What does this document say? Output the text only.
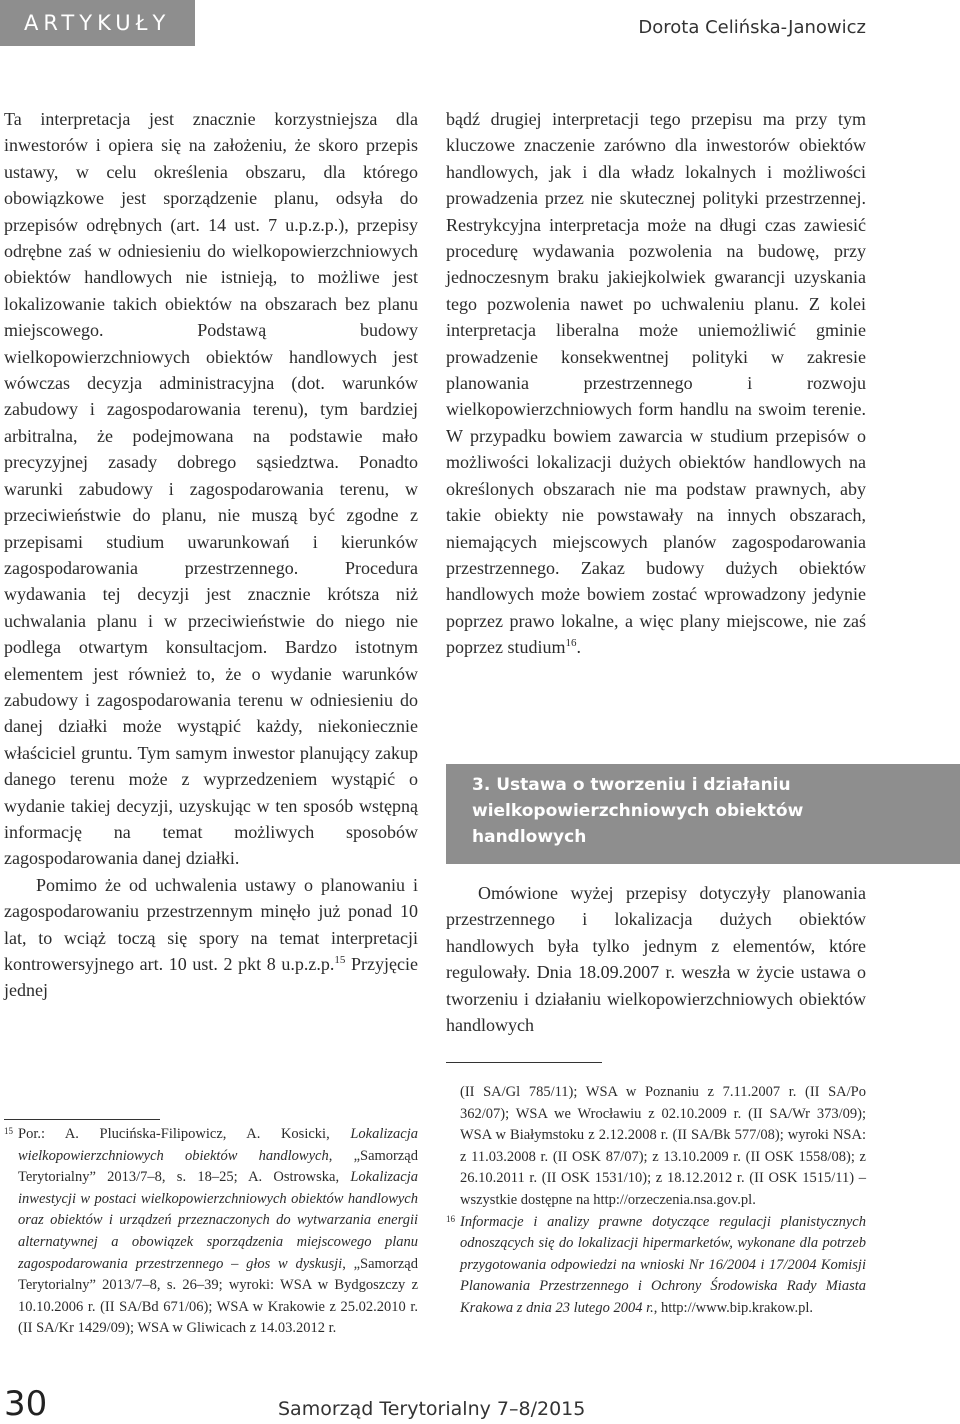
ARTYKUŁY	Dorota Celińska-Janowicz

Ta interpretacja jest znacznie korzystniejsza dla inwestorów i opiera się na założeniu, że skoro przepis ustawy, w celu określenia obszaru, dla którego obowiązkowe jest sporządzenie planu, odsyła do przepisów odrębnych (art. 14 ust. 7 u.p.z.p.), przepisy odrębne zaś w odniesieniu do wielkopowierzchniowych obiektów handlowych nie istnieją, to możliwe jest lokalizowanie takich obiektów na obszarach bez planu miejscowego. Podstawą budowy wielkopowierzchniowych obiektów handlowych jest wówczas decyzja administracyjna (dot. warunków zabudowy i zagospodarowania terenu), tym bardziej arbitralna, że podejmowana na podstawie mało precyzyjnej zasady dobrego sąsiedztwa. Ponadto warunki zabudowy i zagospodarowania terenu, w przeciwieństwie do planu, nie muszą być zgodne z przepisami studium uwarunkowań i kierunków zagospodarowania przestrzennego. Procedura wydawania tej decyzji jest znacznie krótsza niż uchwalania planu i w przeciwieństwie do niego nie podlega otwartym konsultacjom. Bardzo istotnym elementem jest również to, że o wydanie warunków zabudowy i zagospodarowania terenu w odniesieniu do danej działki może wystąpić każdy, niekoniecznie właściciel gruntu. Tym samym inwestor planujący zakup danego terenu może z wyprzedzeniem wystąpić o wydanie takiej decyzji, uzyskując w ten sposób wstępną informację na temat możliwych sposobów zagospodarowania danej działki.

Pomimo że od uchwalenia ustawy o planowaniu i zagospodarowaniu przestrzennym minęło już ponad 10 lat, to wciąż toczą się spory na temat interpretacji kontrowersyjnego art. 10 ust. 2 pkt 8 u.p.z.p.$^{15}$ Przyjęcie jednej

bądź drugiej interpretacji tego przepisu ma przy tym kluczowe znaczenie zarówno dla inwestorów obiektów handlowych, jak i dla władz lokalnych i możliwości prowadzenia przez nie skutecznej polityki przestrzennej. Restrykcyjna interpretacja może na długi czas zawiesić procedurę wydawania pozwolenia na budowę, przy jednoczesnym braku jakiejkolwiek gwarancji uzyskania tego pozwolenia nawet po uchwaleniu planu. Z kolei interpretacja liberalna może uniemożliwić gminie prowadzenie konsekwentnej polityki w zakresie planowania przestrzennego i rozwoju wielkopowierzchniowych form handlu na swoim terenie. W przypadku bowiem zawarcia w studium przepisów o możliwości lokalizacji dużych obiektów handlowych na określonych obszarach nie ma podstaw prawnych, aby takie obiekty nie powstawały na innych obszarach, niemających miejscowych planów zagospodarowania przestrzennego. Zakaz budowy dużych obiektów handlowych może bowiem zostać wprowadzony jedynie poprzez prawo lokalne, a więc plany miejscowe, nie zaś poprzez studium$^{16}$.

3. Ustawa o tworzeniu i działaniu
wielkopowierzchniowych obiektów
handlowych

Omówione wyżej przepisy dotyczyły planowania przestrzennego i lokalizacja dużych obiektów handlowych była tylko jednym z elementów, które regulowały. Dnia 18.09.2007 r. weszła w życie ustawa o tworzeniu i działaniu wielkopowierzchniowych obiektów handlowych

15 Por.: A. Plucińska-Filipowicz, A. Kosicki, Lokalizacja wielkopowierzchniowych obiektów handlowych, „Samorząd Terytorialny” 2013/7–8, s. 18–25; A. Ostrowska, Lokalizacja inwestycji w postaci wielkopowierzchniowych obiektów handlowych oraz obiektów i urządzeń przeznaczonych do wytwarzania energii alternatywnej a obowiązek sporządzenia miejscowego planu zagospodarowania przestrzennego – głos w dyskusji, „Samorząd Terytorialny” 2013/7–8, s. 26–39; wyroki: WSA w Bydgoszczy z 10.10.2006 r. (II SA/Bd 671/06); WSA w Krakowie z 25.02.2010 r. (II SA/Kr 1429/09); WSA w Gliwicach z 14.03.2012 r.

(II SA/Gl 785/11); WSA w Poznaniu z 7.11.2007 r. (II SA/Po 362/07); WSA we Wrocławiu z 02.10.2009 r. (II SA/Wr 373/09); WSA w Białymstoku z 2.12.2008 r. (II SA/Bk 577/08); wyroki NSA: z 11.03.2008 r. (II OSK 87/07); z 13.10.2009 r. (II OSK 1558/08); z 26.10.2011 r. (II OSK 1531/10); z 18.12.2012 r. (II OSK 1515/11) – wszystkie dostępne na http://orzeczenia.nsa.gov.pl.

16 Informacje i analizy prawne dotyczące regulacji planistycznych odnoszących się do lokalizacji hipermarketów, wykonane dla potrzeb przygotowania odpowiedzi na wnioski Nr 16/2004 i 17/2004 Komisji Planowania Przestrzennego i Ochrony Środowiska Rady Miasta Krakowa z dnia 23 lutego 2004 r., http://www.bip.krakow.pl.

30	Samorząd Terytorialny 7–8/2015
